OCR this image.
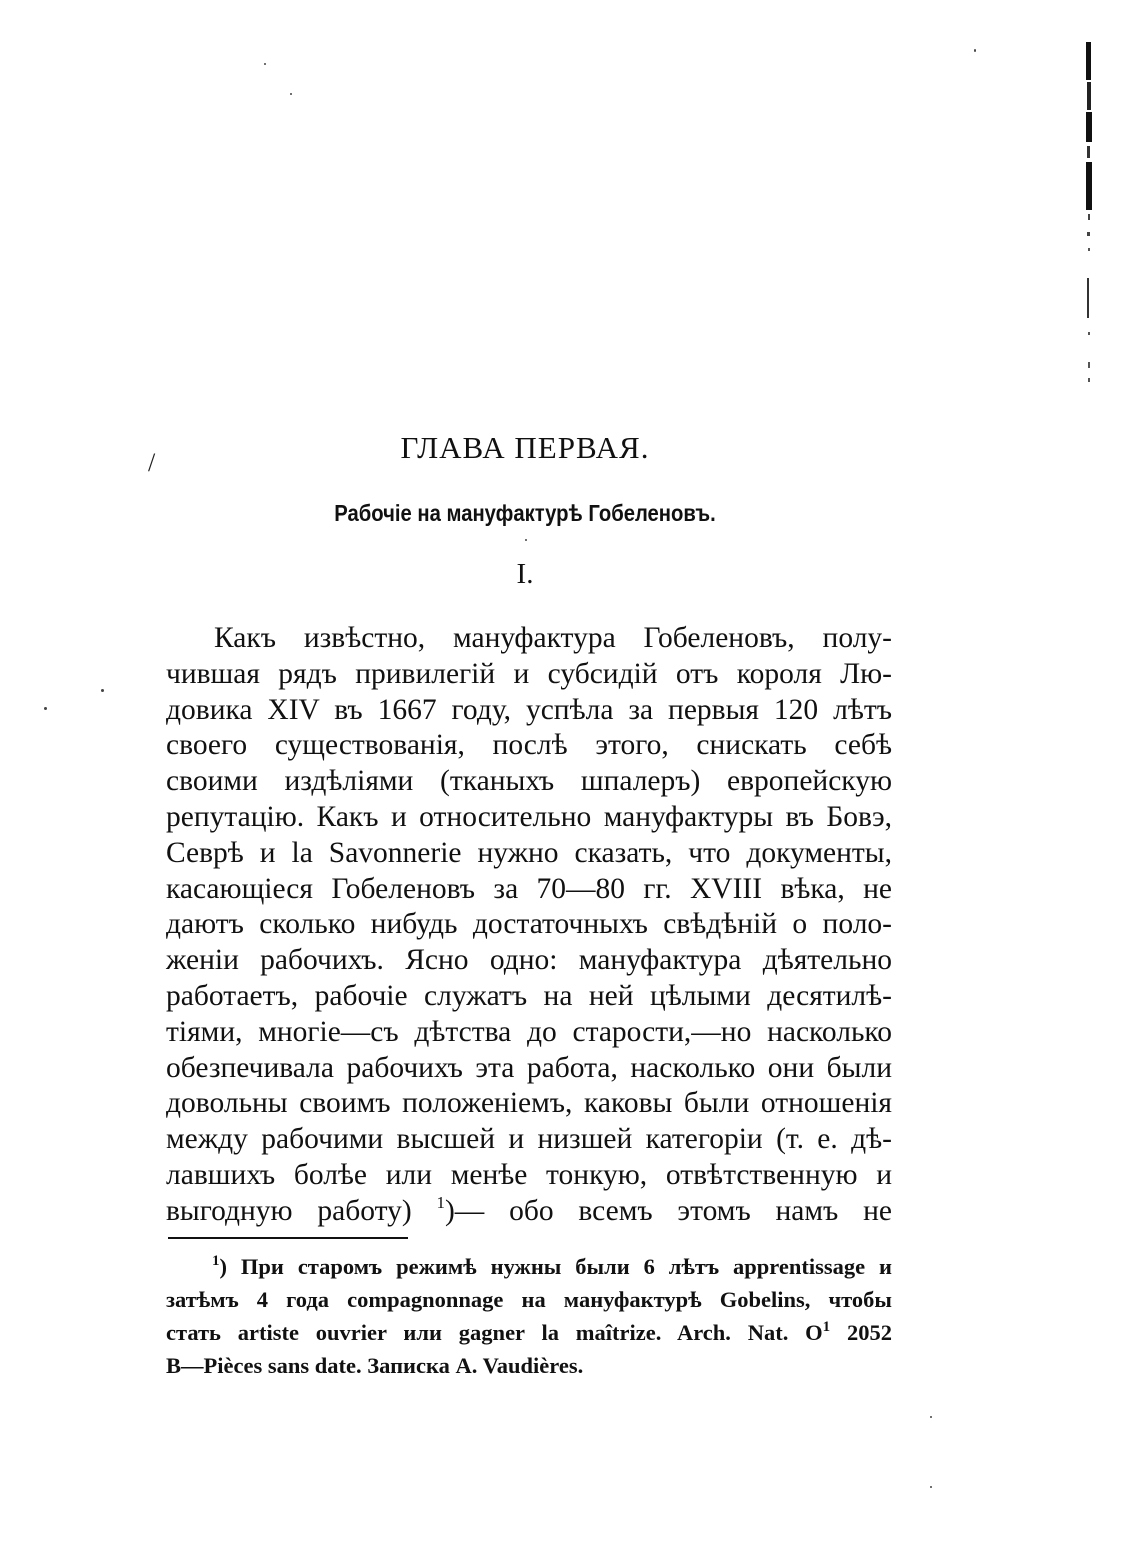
/	ГЛАВА ПЕРВАЯ.
Рабочіе на мануфактурѣ Гобеленовъ.
I.
Какъ извѣстно, мануфактура Гобеленовъ, полу-
чившая рядъ привилегій и субсидій отъ короля Лю-
довика XIV въ 1667 году, успѣла за первыя 120 лѣтъ
своего существованія, послѣ этого, снискать себѣ
своими издѣліями (тканыхъ шпалеръ) европейскую
репутацію. Какъ и относительно мануфактуры въ Бовэ,
Севрѣ и la Savonnerie нужно сказать, что документы,
касающіеся Гобеленовъ за 70—80 гг. XVIII вѣка, не
даютъ сколько нибудь достаточныхъ свѣдѣній о поло-
женіи рабочихъ. Ясно одно: мануфактура дѣятельно
работаетъ, рабочіе служатъ на ней цѣлыми десятилѣ-
тіями, многіе—съ дѣтства до старости,—но насколько
обезпечивала рабочихъ эта работа, насколько они были
довольны своимъ положеніемъ, каковы были отношенія
между рабочими высшей и низшей категоріи (т. е. дѣ-
лавшихъ болѣе или менѣе тонкую, отвѣтственную и
выгодную работу) $^1$)— обо всемъ этомъ намъ не
$^1$) При старомъ режимѣ нужны были 6 лѣтъ apprentissage и
затѣмъ 4 года compagnonnage на мануфактурѣ Gobelins, чтобы
стать artiste ouvrier или gagner la maîtrize. Arch. Nat. O$^1$ 2052
B—Pièces sans date. Записка A. Vaudières.
